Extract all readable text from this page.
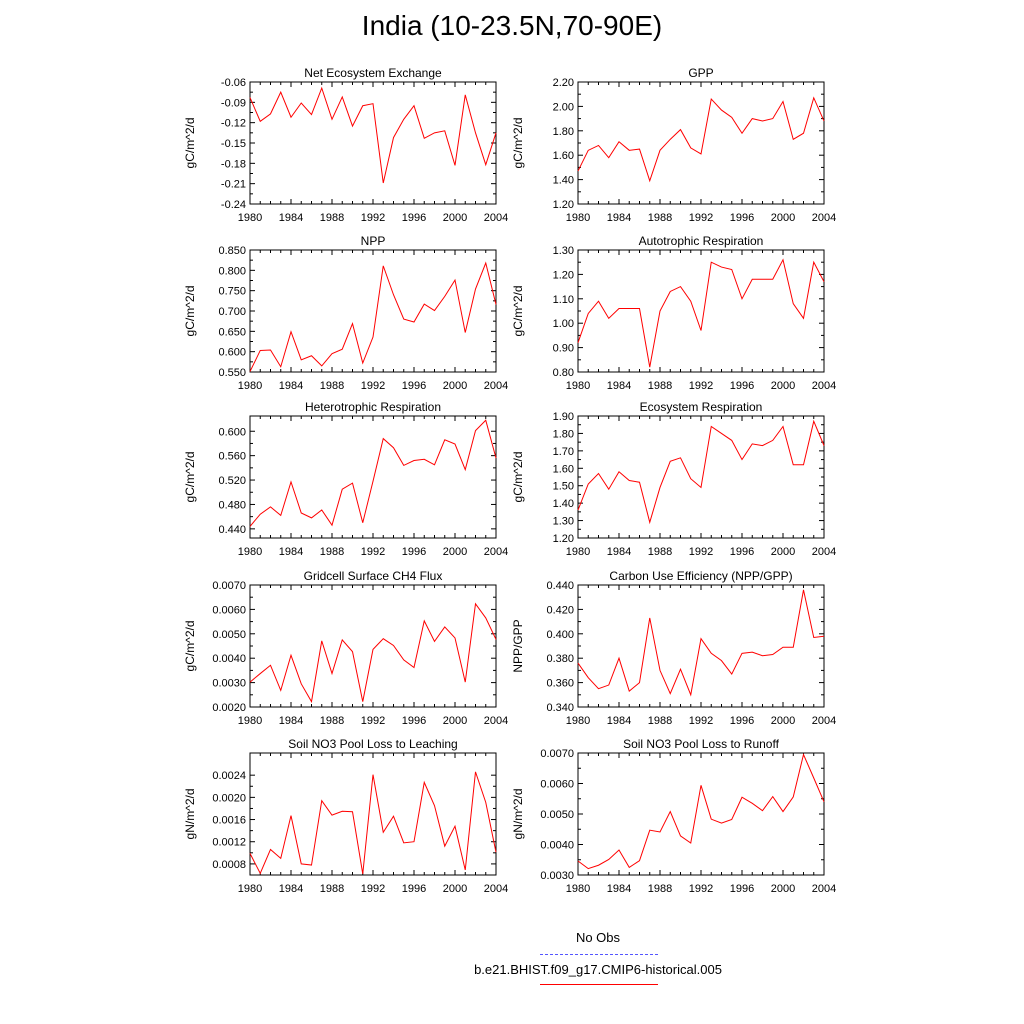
India (10-23.5N,70-90E)
Net Ecosystem Exchange
gC/m^2/d
1980 1984 1988 1992 1996 2000 2004
-0.06
-0.09
-0.12
-0.15
-0.18
-0.21
-0.24
GPP
gC/m^2/d
1980 1984 1988 1992 1996 2000 2004
2.20
2.00
1.80
1.60
1.40
1.20
NPP
gC/m^2/d
1980 1984 1988 1992 1996 2000 2004
0.850
0.800
0.750
0.700
0.650
0.600
0.550
Autotrophic Respiration
gC/m^2/d
1980 1984 1988 1992 1996 2000 2004
1.30
1.20
1.10
1.00
0.90
0.80
Heterotrophic Respiration
gC/m^2/d
1980 1984 1988 1992 1996 2000 2004
0.600
0.560
0.520
0.480
0.440
Ecosystem Respiration
gC/m^2/d
1980 1984 1988 1992 1996 2000 2004
1.90
1.80
1.70
1.60
1.50
1.40
1.30
1.20
Gridcell Surface CH4 Flux
gC/m^2/d
1980 1984 1988 1992 1996 2000 2004
0.0070
0.0060
0.0050
0.0040
0.0030
0.0020
Carbon Use Efficiency (NPP/GPP)
NPP/GPP
1980 1984 1988 1992 1996 2000 2004
0.440
0.420
0.400
0.380
0.360
0.340
Soil NO3 Pool Loss to Leaching
gN/m^2/d
1980 1984 1988 1992 1996 2000 2004
0.0024
0.0020
0.0016
0.0012
0.0008
Soil NO3 Pool Loss to Runoff
gN/m^2/d
1980 1984 1988 1992 1996 2000 2004
0.0070
0.0060
0.0050
0.0040
0.0030
No Obs
b.e21.BHIST.f09_g17.CMIP6-historical.005
